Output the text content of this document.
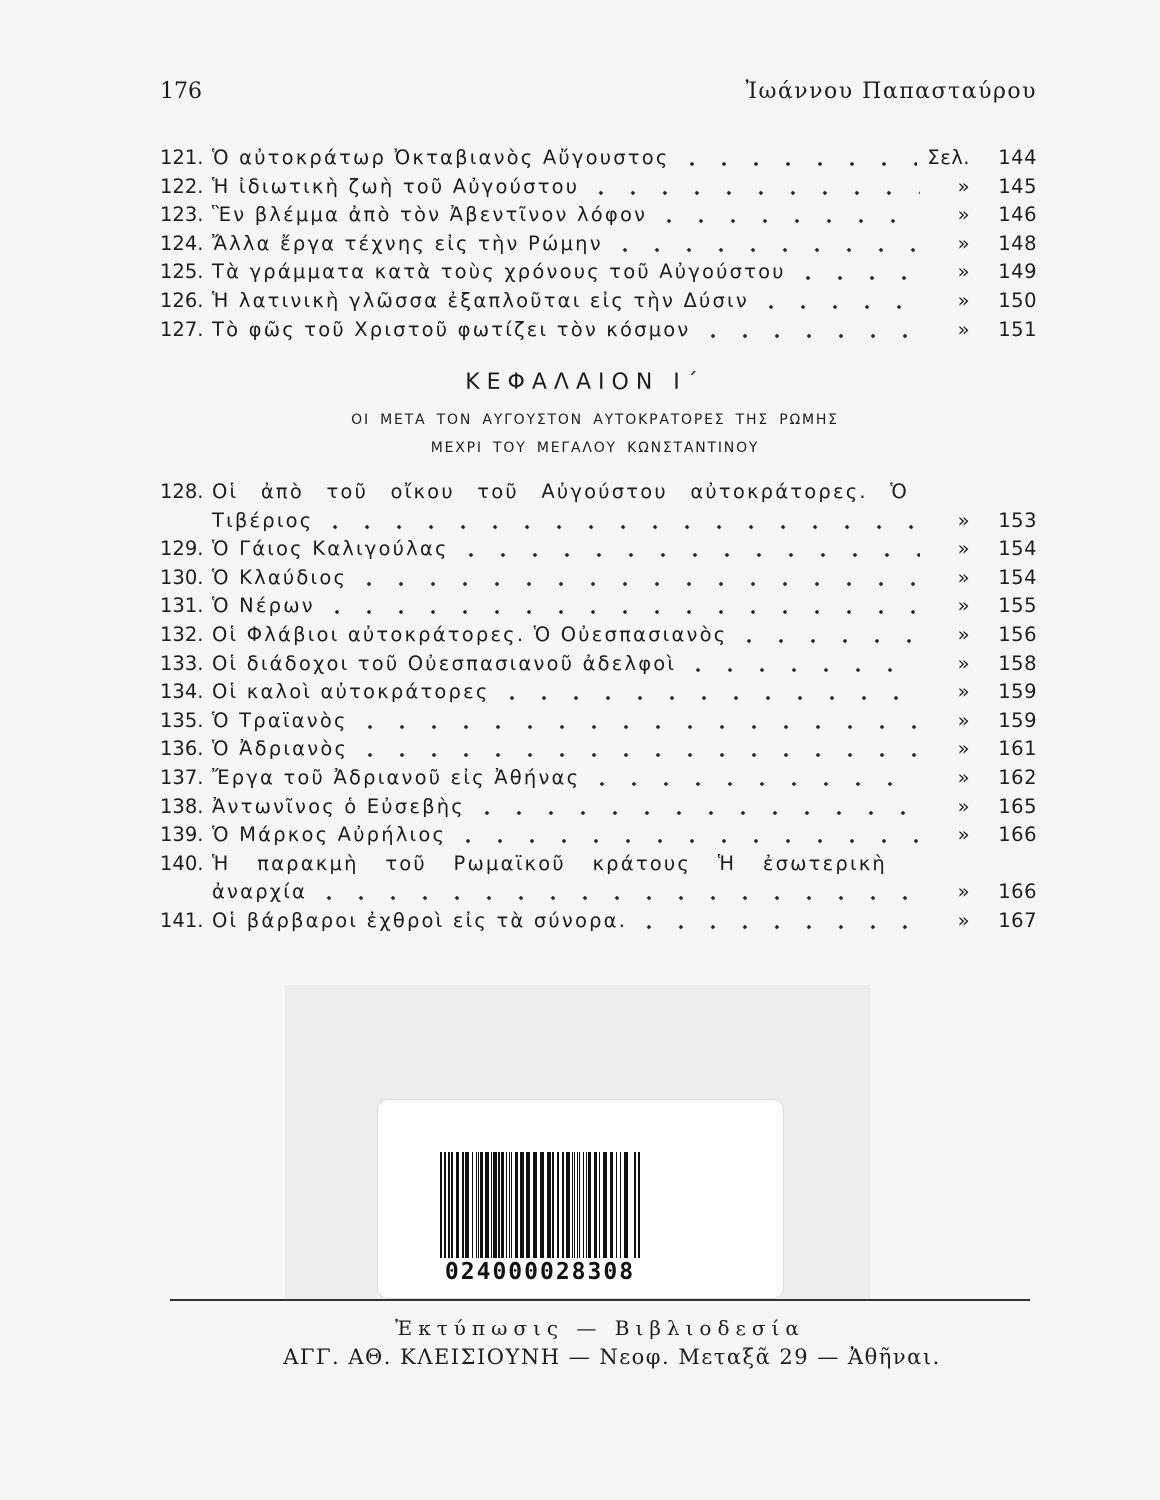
176	Ἰωάννου Παπασταύρου
121. Ὁ αὐτοκράτωρ Ὀκταβιανὸς Αὔγουστος	Σελ.	144
122. Ἡ ἰδιωτικὴ ζωὴ τοῦ Αὐγούστου	»	145
123. Ἓν βλέμμα ἀπὸ τὸν Ἀβεντῖνον λόφον	»	146
124. Ἄλλα ἔργα τέχνης εἰς τὴν Ρώμην	»	148
125. Τὰ γράμματα κατὰ τοὺς χρόνους τοῦ Αὐγούστου	»	149
126. Ἡ λατινικὴ γλῶσσα ἐξαπλοῦται εἰς τὴν Δύσιν	»	150
127. Τὸ φῶς τοῦ Χριστοῦ φωτίζει τὸν κόσμον	»	151
ΚΕΦΑΛΑΙΟΝ Ι΄
ΟΙ ΜΕΤΑ ΤΟΝ ΑΥΓΟΥΣΤΟΝ ΑΥΤΟΚΡΑΤΟΡΕΣ ΤΗΣ ΡΩΜΗΣ
ΜΕΧΡΙ ΤΟΥ ΜΕΓΑΛΟΥ ΚΩΝΣΤΑΝΤΙΝΟΥ
128. Οἱ ἀπὸ τοῦ οἴκου τοῦ Αὐγούστου αὐτοκράτορες. Ὁ
Τιβέριος	»	153
129. Ὁ Γάιος Καλιγούλας	»	154
130. Ὁ Κλαύδιος	»	154
131. Ὁ Νέρων	»	155
132. Οἱ Φλάβιοι αὐτοκράτορες. Ὁ Οὐεσπασιανὸς	»	156
133. Οἱ διάδοχοι τοῦ Οὐεσπασιανοῦ ἀδελφοὶ	»	158
134. Οἱ καλοὶ αὐτοκράτορες	»	159
135. Ὁ Τραϊανὸς	»	159
136. Ὁ Ἀδριανὸς	»	161
137. Ἔργα τοῦ Ἀδριανοῦ εἰς Ἀθήνας	»	162
138. Ἀντωνῖνος ὁ Εὐσεβὴς	»	165
139. Ὁ Μάρκος Αὐρήλιος	»	166
140. Ἡ παρακμὴ τοῦ Ρωμαϊκοῦ κράτους Ἡ ἐσωτερικὴ
ἀναρχία	»	166
141. Οἱ βάρβαροι ἐχθροὶ εἰς τὰ σύνορα.	»	167
024000028308
Ἐκτύπωσις — Βιβλιοδεσία
ΑΓΓ. ΑΘ. ΚΛΕΙΣΙΟΥΝΗ — Νεοφ. Μεταξᾶ 29 — Ἀθῆναι.
